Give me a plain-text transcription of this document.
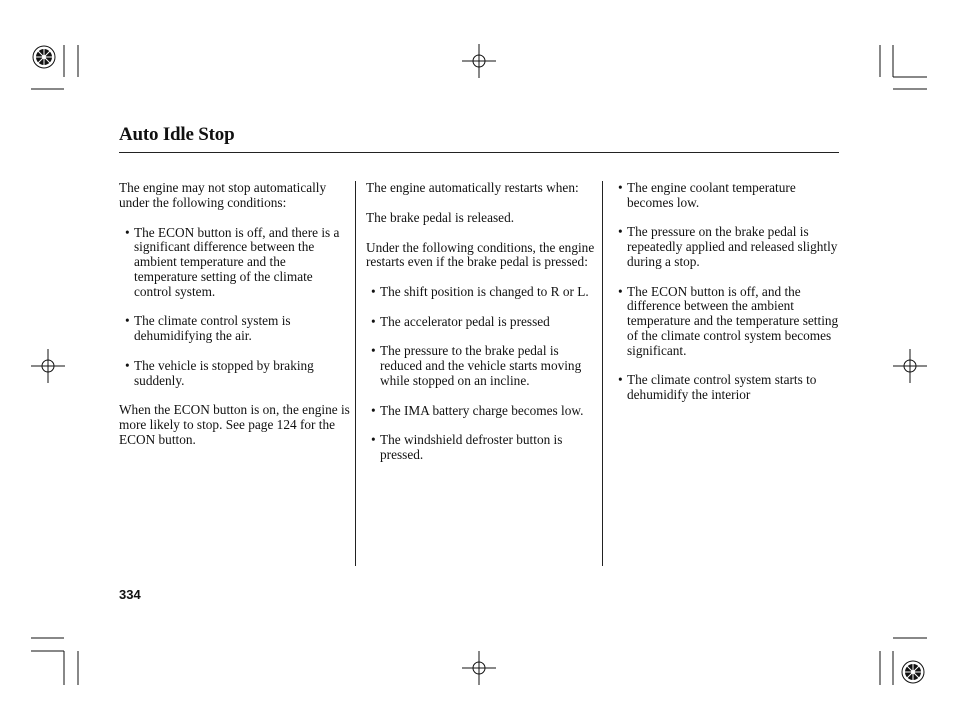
Auto Idle Stop

The engine may not stop automatically under the following conditions:

• The ECON button is off, and there is a significant difference between the ambient temperature and the temperature setting of the climate control system.
• The climate control system is dehumidifying the air.
• The vehicle is stopped by braking suddenly.

When the ECON button is on, the engine is more likely to stop. See page 124 for the ECON button.

The engine automatically restarts when:

The brake pedal is released.

Under the following conditions, the engine restarts even if the brake pedal is pressed:

• The shift position is changed to R or L.
• The accelerator pedal is pressed
• The pressure to the brake pedal is reduced and the vehicle starts moving while stopped on an incline.
• The IMA battery charge becomes low.
• The windshield defroster button is pressed.
• The engine coolant temperature becomes low.
• The pressure on the brake pedal is repeatedly applied and released slightly during a stop.
• The ECON button is off, and the difference between the ambient temperature and the temperature setting of the climate control system becomes significant.
• The climate control system starts to dehumidify the interior
334
